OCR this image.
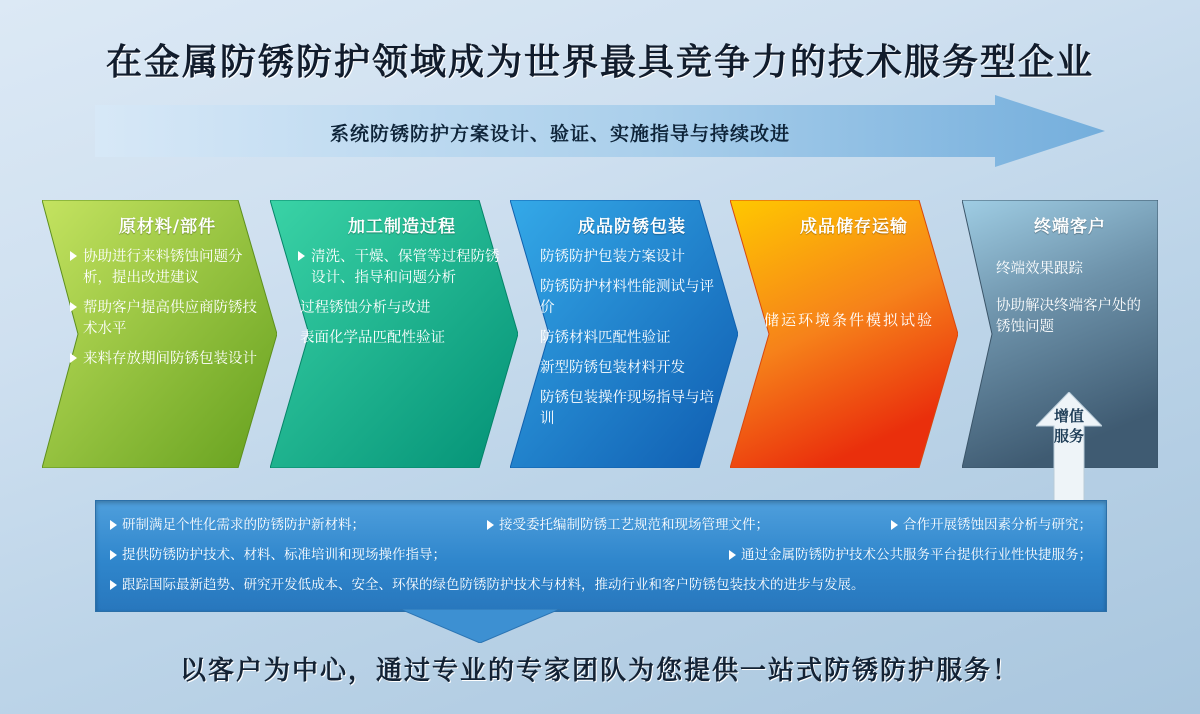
在金属防锈防护领域成为世界最具竞争力的技术服务型企业
系统防锈防护方案设计、验证、实施指导与持续改进
原材料/部件
协助进行来料锈蚀问题分析，提出改进建议
帮助客户提高供应商防锈技术水平
来料存放期间防锈包装设计
加工制造过程
清洗、干燥、保管等过程防锈设计、指导和问题分析
过程锈蚀分析与改进
表面化学品匹配性验证
成品防锈包装
防锈防护包装方案设计
防锈防护材料性能测试与评价
防锈材料匹配性验证
新型防锈包装材料开发
防锈包装操作现场指导与培训
成品储存运输
储运环境条件模拟试验
终端客户
终端效果跟踪
协助解决终端客户处的锈蚀问题
增值服务
研制满足个性化需求的防锈防护新材料；	接受委托编制防锈工艺规范和现场管理文件；	合作开展锈蚀因素分析与研究；
提供防锈防护技术、材料、标准培训和现场操作指导；	通过金属防锈防护技术公共服务平台提供行业性快捷服务；
跟踪国际最新趋势、研究开发低成本、安全、环保的绿色防锈防护技术与材料，推动行业和客户防锈包装技术的进步与发展。
以客户为中心，通过专业的专家团队为您提供一站式防锈防护服务！
